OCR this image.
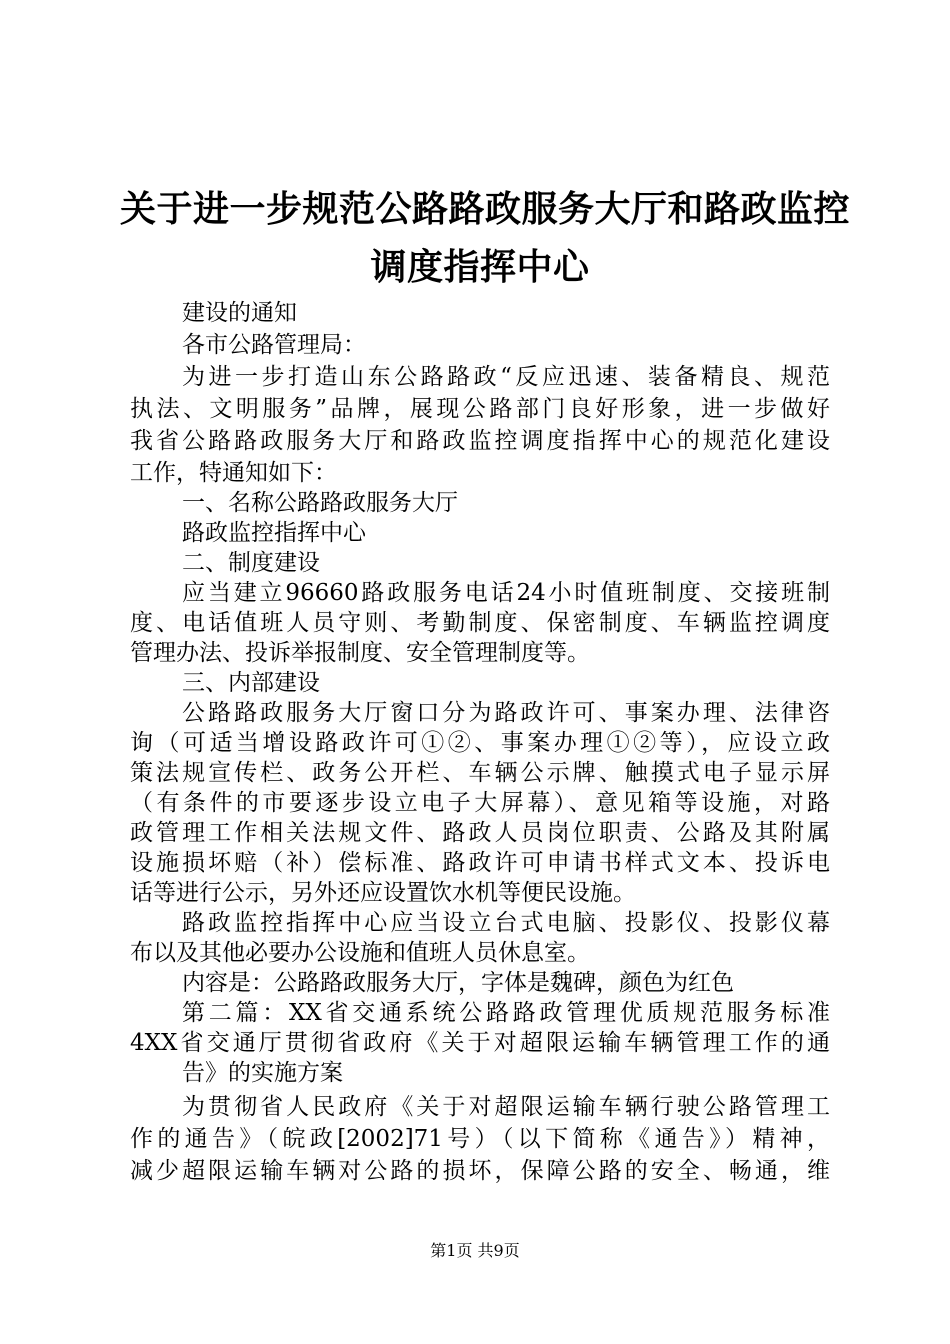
关于进一步规范公路路政服务大厅和路政监控
调度指挥中心
建设的通知
各市公路管理局：
为进一步打造山东公路路政“反应迅速、装备精良、规范
执法、文明服务”品牌，展现公路部门良好形象，进一步做好
我省公路路政服务大厅和路政监控调度指挥中心的规范化建设
工作，特通知如下：
一、名称公路路政服务大厅
路政监控指挥中心
二、制度建设
应当建立96660路政服务电话24小时值班制度、交接班制
度、电话值班人员守则、考勤制度、保密制度、车辆监控调度
管理办法、投诉举报制度、安全管理制度等。
三、内部建设
公路路政服务大厅窗口分为路政许可、事案办理、法律咨
询（可适当增设路政许可①②、事案办理①②等），应设立政
策法规宣传栏、政务公开栏、车辆公示牌、触摸式电子显示屏
（有条件的市要逐步设立电子大屏幕）、意见箱等设施，对路
政管理工作相关法规文件、路政人员岗位职责、公路及其附属
设施损坏赔（补）偿标准、路政许可申请书样式文本、投诉电
话等进行公示，另外还应设置饮水机等便民设施。
路政监控指挥中心应当设立台式电脑、投影仪、投影仪幕
布以及其他必要办公设施和值班人员休息室。
内容是：公路路政服务大厅，字体是魏碑，颜色为红色
第二篇：XX省交通系统公路路政管理优质规范服务标准
4XX省交通厅贯彻省政府《关于对超限运输车辆管理工作的通
告》的实施方案
为贯彻省人民政府《关于对超限运输车辆行驶公路管理工
作的通告》（皖政[2002]71号）（以下简称《通告》）精神，
减少超限运输车辆对公路的损坏，保障公路的安全、畅通，维
第1页 共9页
